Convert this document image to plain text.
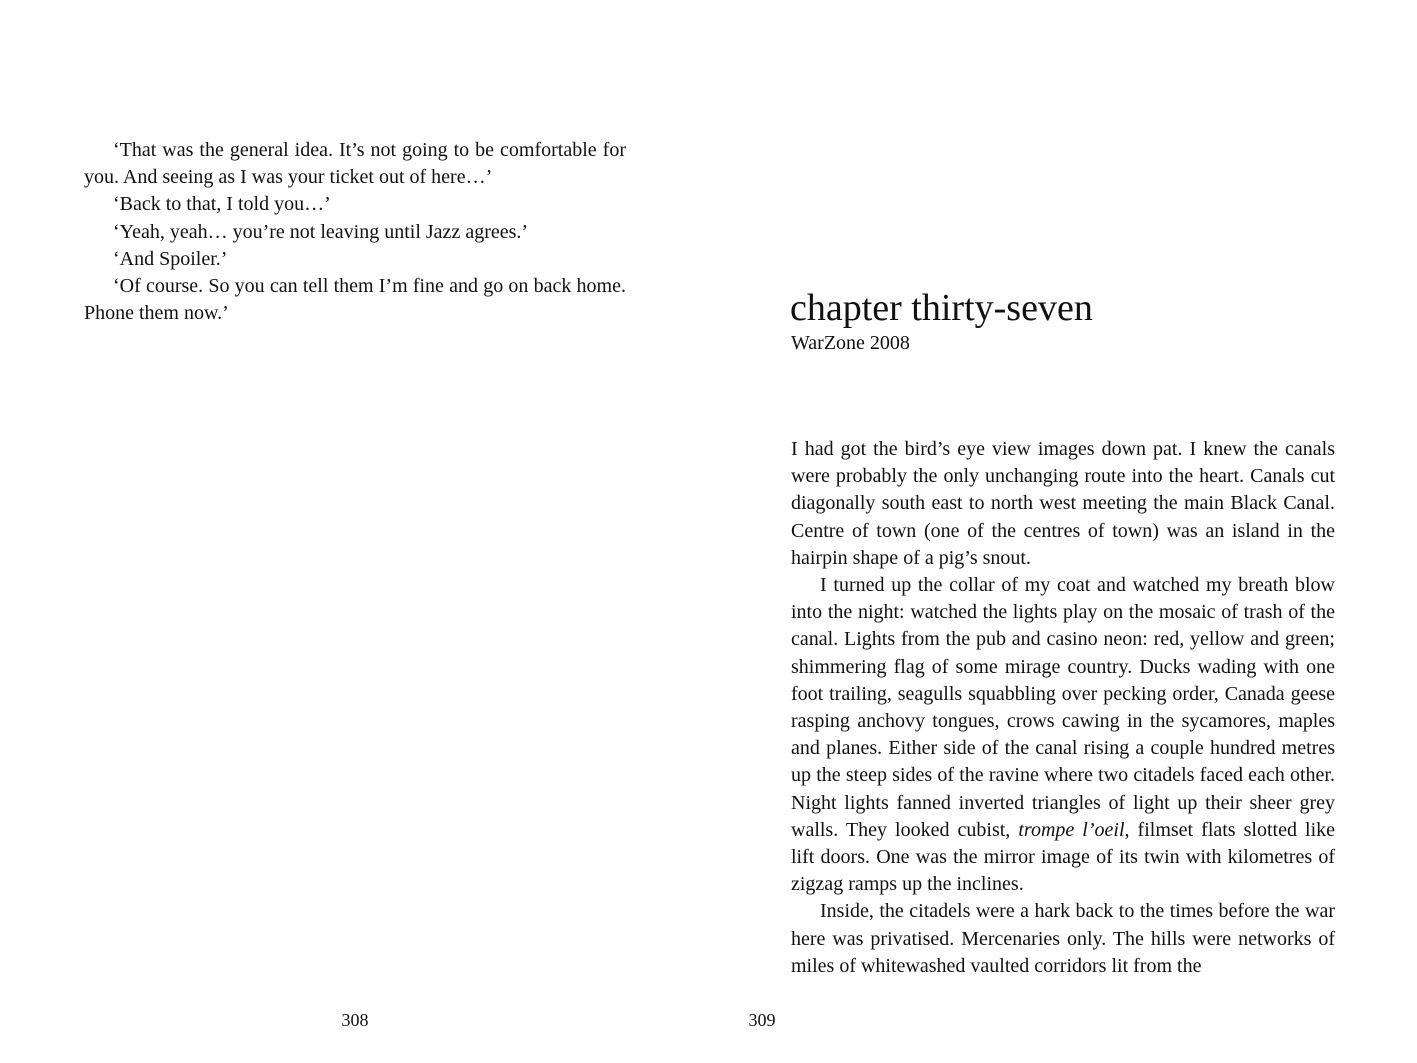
‘That was the general idea. It’s not going to be comfortable for you. And seeing as I was your ticket out of here…’

‘Back to that, I told you…’

‘Yeah, yeah… you’re not leaving until Jazz agrees.’

‘And Spoiler.’

‘Of course. So you can tell them I’m fine and go on back home. Phone them now.’

308
chapter thirty-seven
WarZone 2008

I had got the bird’s eye view images down pat. I knew the canals were probably the only unchanging route into the heart. Canals cut diagonally south east to north west meeting the main Black Canal. Centre of town (one of the centres of town) was an island in the hairpin shape of a pig’s snout.

I turned up the collar of my coat and watched my breath blow into the night: watched the lights play on the mosaic of trash of the canal. Lights from the pub and casino neon: red, yellow and green; shimmering flag of some mirage country. Ducks wading with one foot trailing, seagulls squabbling over pecking order, Canada geese rasping anchovy tongues, crows cawing in the sycamores, maples and planes. Either side of the canal rising a couple hundred metres up the steep sides of the ravine where two citadels faced each other. Night lights fanned inverted triangles of light up their sheer grey walls. They looked cubist, trompe l’oeil, filmset flats slotted like lift doors. One was the mirror image of its twin with kilometres of zigzag ramps up the inclines.

Inside, the citadels were a hark back to the times before the war here was privatised. Mercenaries only. The hills were networks of miles of whitewashed vaulted corridors lit from the

309
